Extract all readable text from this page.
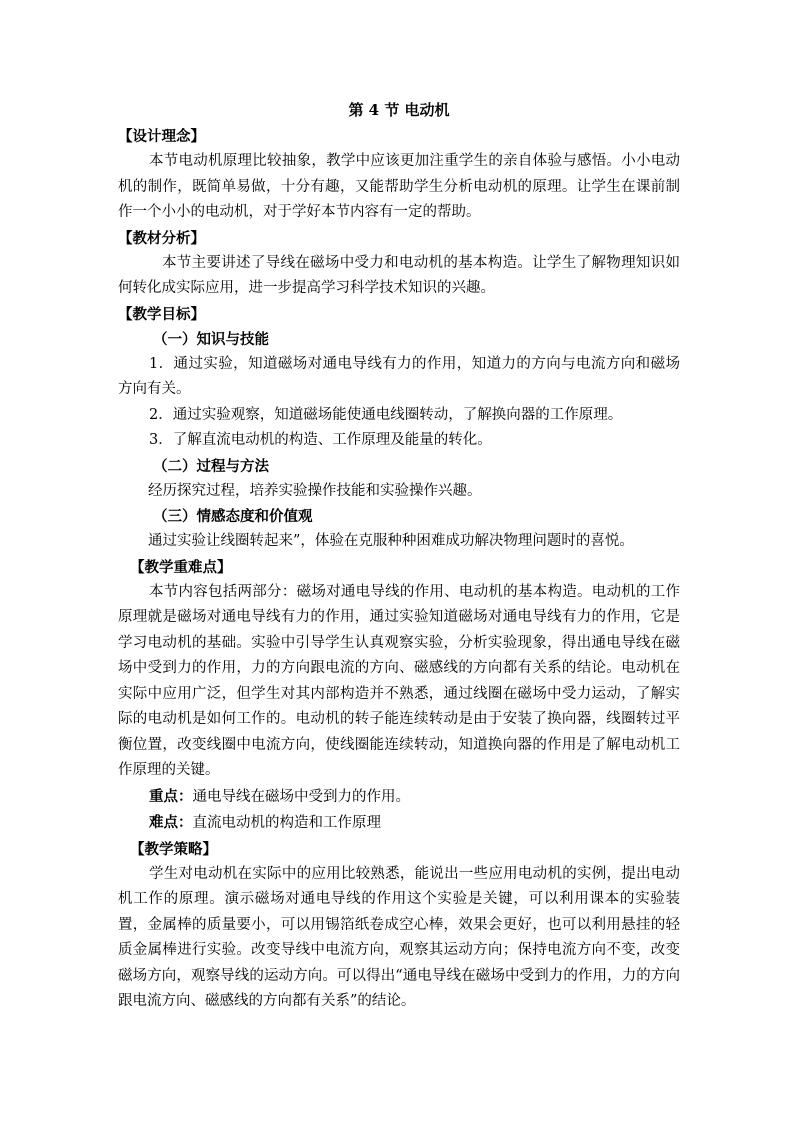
第 4 节 电动机
【设计理念】

本节电动机原理比较抽象，教学中应该更加注重学生的亲自体验与感悟。小小电动机的制作，既简单易做，十分有趣，又能帮助学生分析电动机的原理。让学生在课前制作一个小小的电动机，对于学好本节内容有一定的帮助。

【教材分析】

本节主要讲述了导线在磁场中受力和电动机的基本构造。让学生了解物理知识如何转化成实际应用，进一步提高学习科学技术知识的兴趣。

【教学目标】
（一）知识与技能

1．通过实验，知道磁场对通电导线有力的作用，知道力的方向与电流方向和磁场方向有关。

2．通过实验观察，知道磁场能使通电线圈转动，了解换向器的工作原理。

3．了解直流电动机的构造、工作原理及能量的转化。

（二）过程与方法

经历探究过程，培养实验操作技能和实验操作兴趣。

（三）情感态度和价值观

通过实验让线圈转起来”，体验在克服种种困难成功解决物理问题时的喜悦。

【教学重难点】

本节内容包括两部分：磁场对通电导线的作用、电动机的基本构造。电动机的工作原理就是磁场对通电导线有力的作用，通过实验知道磁场对通电导线有力的作用，它是学习电动机的基础。实验中引导学生认真观察实验，分析实验现象，得出通电导线在磁场中受到力的作用，力的方向跟电流的方向、磁感线的方向都有关系的结论。电动机在实际中应用广泛，但学生对其内部构造并不熟悉，通过线圈在磁场中受力运动，了解实际的电动机是如何工作的。电动机的转子能连续转动是由于安装了换向器，线圈转过平衡位置，改变线圈中电流方向，使线圈能连续转动，知道换向器的作用是了解电动机工作原理的关键。

重点：通电导线在磁场中受到力的作用。

难点：直流电动机的构造和工作原理

【教学策略】

学生对电动机在实际中的应用比较熟悉，能说出一些应用电动机的实例，提出电动机工作的原理。演示磁场对通电导线的作用这个实验是关键，可以利用课本的实验装置，金属棒的质量要小，可以用锡箔纸卷成空心棒，效果会更好，也可以利用悬挂的轻质金属棒进行实验。改变导线中电流方向，观察其运动方向；保持电流方向不变，改变磁场方向，观察导线的运动方向。可以得出“通电导线在磁场中受到力的作用，力的方向跟电流方向、磁感线的方向都有关系”的结论。
